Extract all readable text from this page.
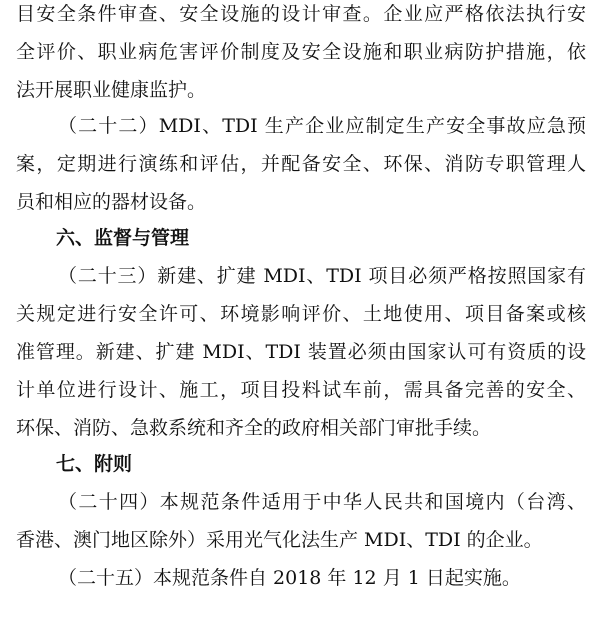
目安全条件审查、安全设施的设计审查。企业应严格依法执行安
全评价、职业病危害评价制度及安全设施和职业病防护措施，依
法开展职业健康监护。
（二十二）MDI、TDI 生产企业应制定生产安全事故应急预
案，定期进行演练和评估，并配备安全、环保、消防专职管理人
员和相应的器材设备。
六、监督与管理
（二十三）新建、扩建 MDI、TDI 项目必须严格按照国家有
关规定进行安全许可、环境影响评价、土地使用、项目备案或核
准管理。新建、扩建 MDI、TDI 装置必须由国家认可有资质的设
计单位进行设计、施工，项目投料试车前，需具备完善的安全、
环保、消防、急救系统和齐全的政府相关部门审批手续。
七、附则
（二十四）本规范条件适用于中华人民共和国境内（台湾、
香港、澳门地区除外）采用光气化法生产 MDI、TDI 的企业。
（二十五）本规范条件自 2018 年 12 月 1 日起实施。
